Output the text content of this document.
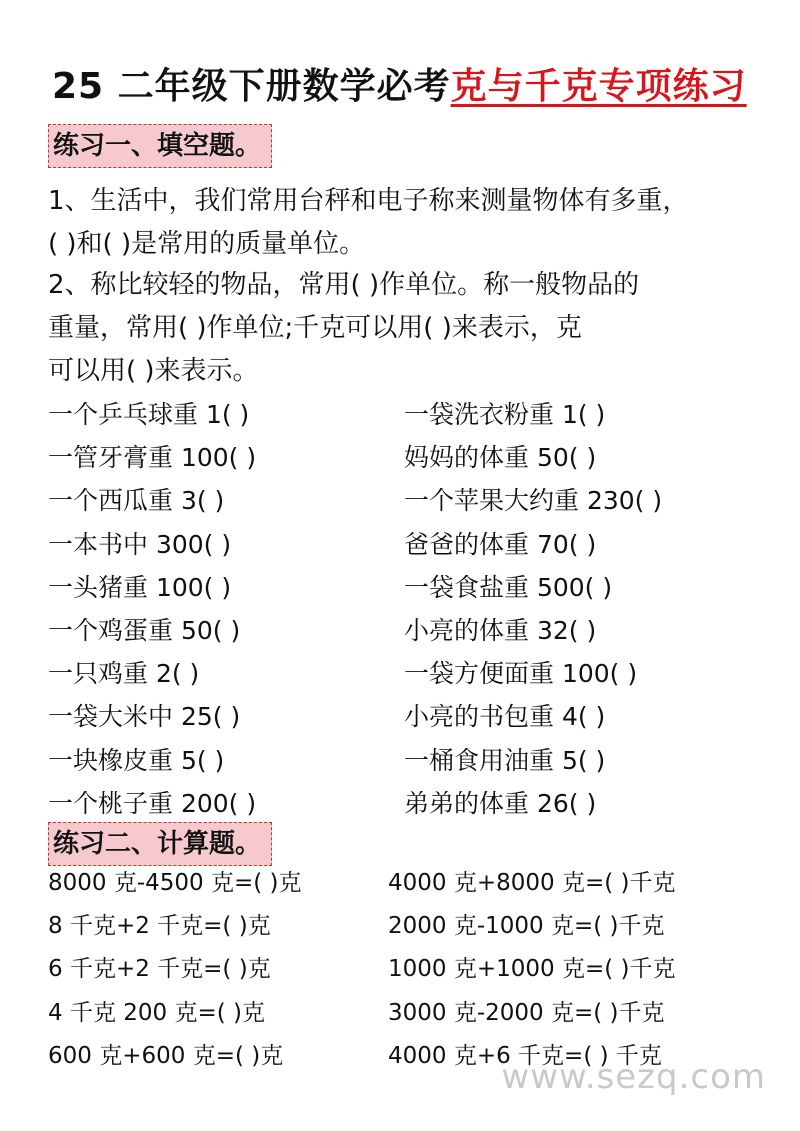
25 二年级下册数学必考克与千克专项练习
练习一、填空题。
1、生活中，我们常用台秤和电子称来测量物体有多重，
( )和( )是常用的质量单位。
2、称比较轻的物品，常用( )作单位。称一般物品的
重量，常用( )作单位;千克可以用( )来表示，克
可以用( )来表示。
一个乒乓球重 1( )	一袋洗衣粉重 1( )
一管牙膏重 100( )	妈妈的体重 50( )
一个西瓜重 3( )	一个苹果大约重 230( )
一本书中 300( )	爸爸的体重 70( )
一头猪重 100( )	一袋食盐重 500( )
一个鸡蛋重 50( )	小亮的体重 32( )
一只鸡重 2( )	一袋方便面重 100( )
一袋大米中 25( )	小亮的书包重 4( )
一块橡皮重 5( )	一桶食用油重 5( )
一个桃子重 200( )	弟弟的体重 26( )
练习二、计算题。
8000 克-4500 克=( )克	4000 克+8000 克=( )千克
8 千克+2 千克=( )克	2000 克-1000 克=( )千克
6 千克+2 千克=( )克	1000 克+1000 克=( )千克
4 千克 200 克=( )克	3000 克-2000 克=( )千克
600 克+600 克=( )克	4000 克+6 千克=( ) 千克
www.sezq.com
